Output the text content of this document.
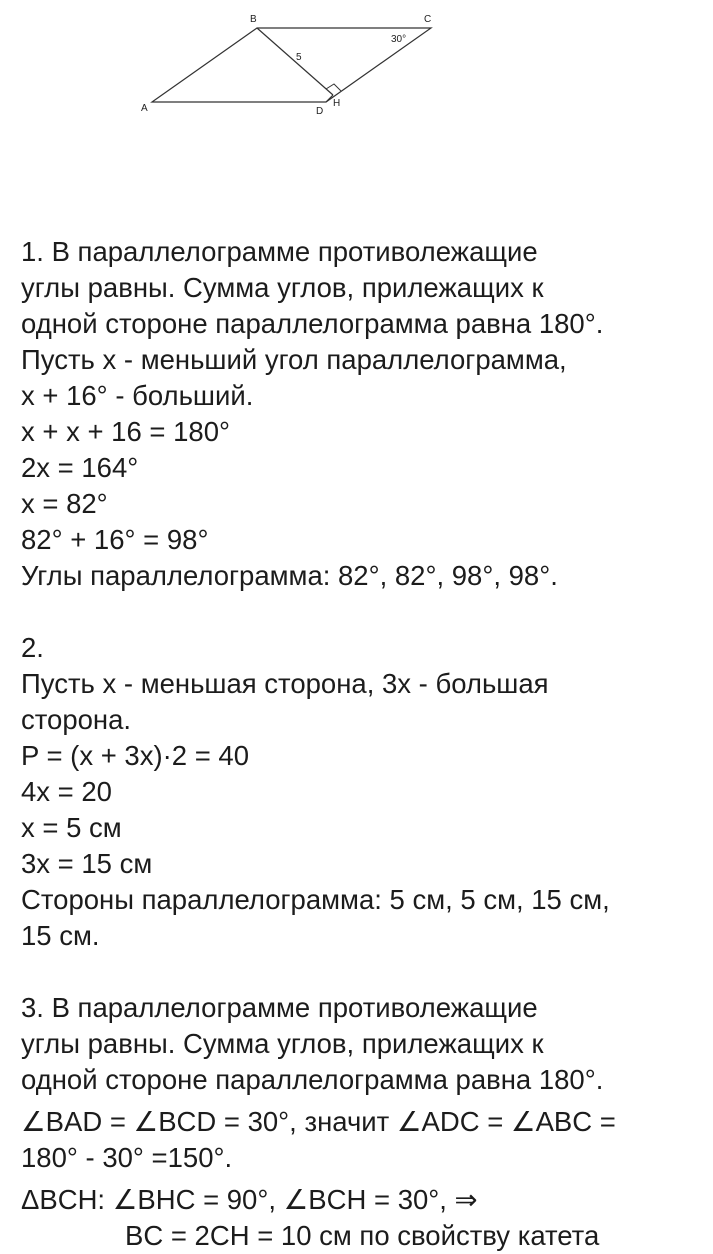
A
B	C
D
H
5
30°
1. В параллелограмме противолежащие
углы равны. Сумма углов, прилежащих к
одной стороне параллелограмма равна 180°.
Пусть х - меньший угол параллелограмма,
х + 16° - больший.
х + х + 16 = 180°
2х = 164°
х = 82°
82° + 16° = 98°
Углы параллелограмма: 82°, 82°, 98°, 98°.
2.
Пусть х - меньшая сторона, 3х - большая
сторона.
P = (х + 3х)·2 = 40
4х = 20
х = 5 см
3х = 15 см
Стороны параллелограмма: 5 см, 5 см, 15 см,
15 см.
3. В параллелограмме противолежащие
углы равны. Сумма углов, прилежащих к
одной стороне параллелограмма равна 180°.
∠BAD = ∠BCD = 30°, значит ∠ADC = ∠ABC =
180° - 30° =150°.
ΔBCH: ∠BHC = 90°, ∠BCH = 30°, ⇒
BC = 2CH = 10 см по свойству катета
